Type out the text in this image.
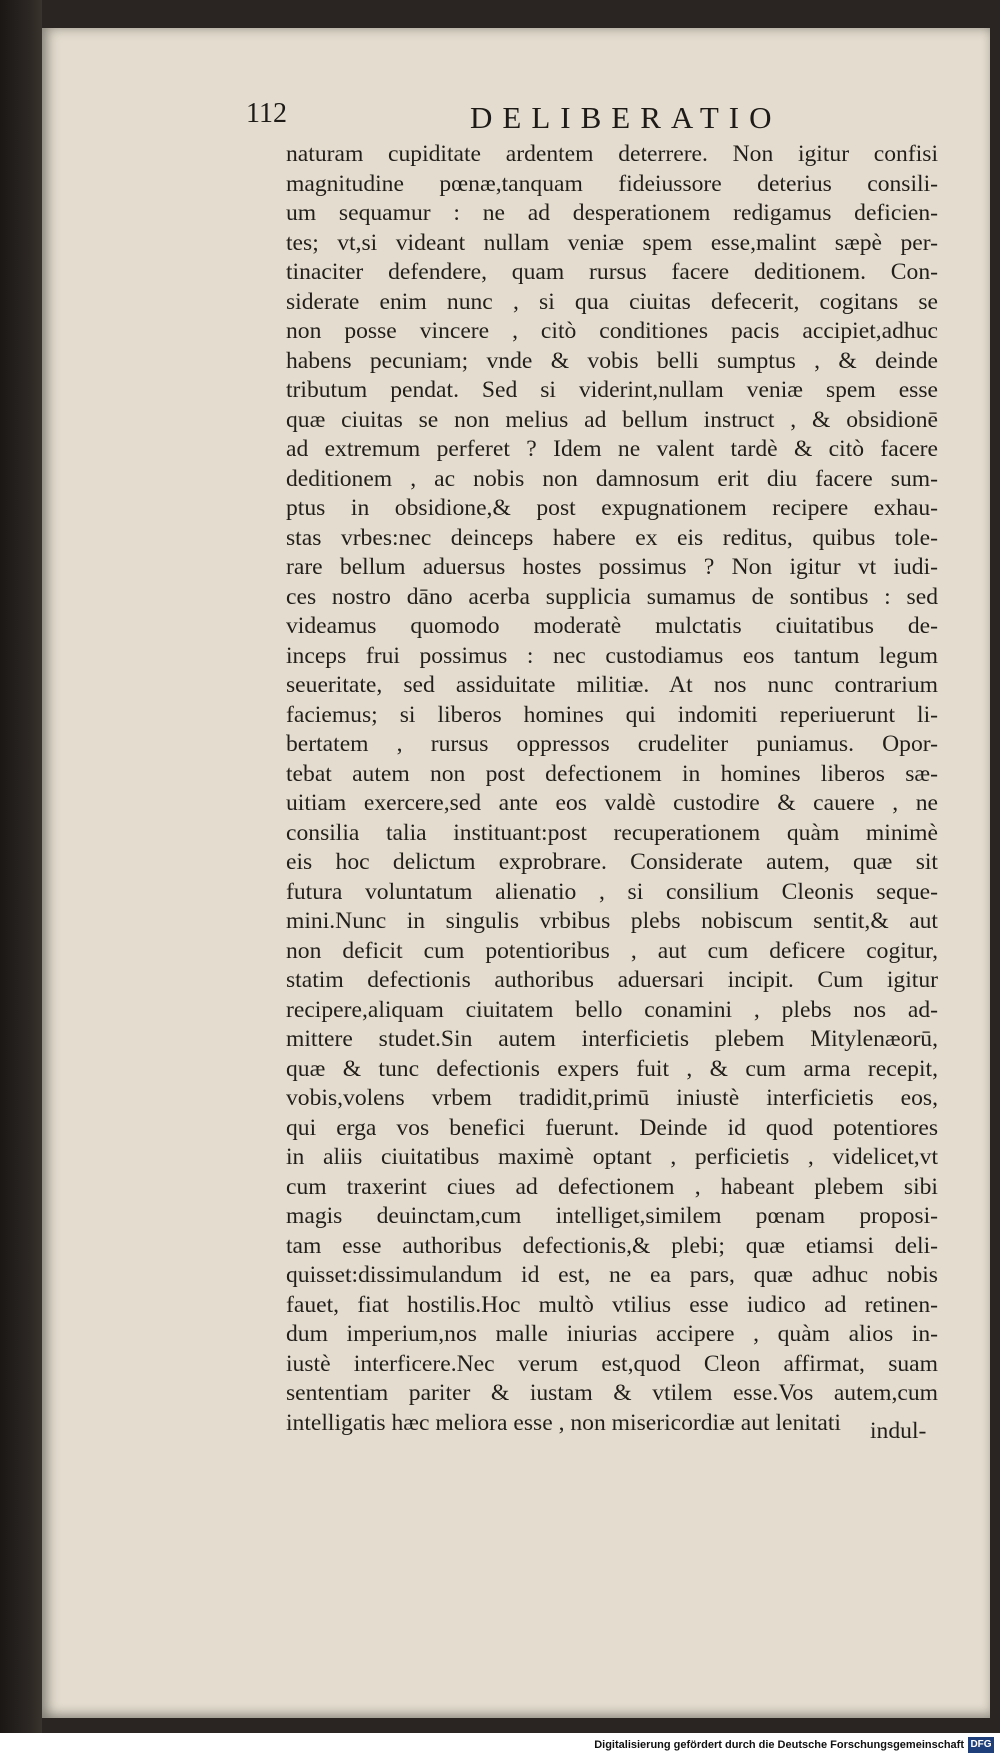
112	DELIBERATIO
naturam cupiditate ardentem deterrere. Non igitur confisi
magnitudine pœnæ,tanquam fideiussore deterius consili-
um sequamur : ne ad desperationem redigamus deficien-
tes; vt,si videant nullam veniæ spem esse,malint sæpè per-
tinaciter defendere, quam rursus facere deditionem. Con-
siderate enim nunc , si qua ciuitas defecerit, cogitans se
non posse vincere , citò conditiones pacis accipiet,adhuc
habens pecuniam; vnde & vobis belli sumptus , & deinde
tributum pendat. Sed si viderint,nullam veniæ spem esse
quæ ciuitas se non melius ad bellum instruct , & obsidionē
ad extremum perferet ? Idem ne valent tardè & citò facere
deditionem , ac nobis non damnosum erit diu facere sum-
ptus in obsidione,& post expugnationem recipere exhau-
stas vrbes:nec deinceps habere ex eis reditus, quibus tole-
rare bellum aduersus hostes possimus ? Non igitur vt iudi-
ces nostro dāno acerba supplicia sumamus de sontibus : sed
videamus quomodo moderatè mulctatis ciuitatibus de-
inceps frui possimus : nec custodiamus eos tantum legum
seueritate, sed assiduitate militiæ. At nos nunc contrarium
faciemus; si liberos homines qui indomiti reperiuerunt li-
bertatem , rursus oppressos crudeliter puniamus. Opor-
tebat autem non post defectionem in homines liberos sæ-
uitiam exercere,sed ante eos valdè custodire & cauere , ne
consilia talia instituant:post recuperationem quàm minimè
eis hoc delictum exprobrare. Considerate autem, quæ sit
futura voluntatum alienatio , si consilium Cleonis seque-
mini.Nunc in singulis vrbibus plebs nobiscum sentit,& aut
non deficit cum potentioribus , aut cum deficere cogitur,
statim defectionis authoribus aduersari incipit. Cum igitur
recipere,aliquam ciuitatem bello conamini , plebs nos ad-
mittere studet.Sin autem interficietis plebem Mitylenæorū,
quæ & tunc defectionis expers fuit , & cum arma recepit,
vobis,volens vrbem tradidit,primū iniustè interficietis eos,
qui erga vos benefici fuerunt. Deinde id quod potentiores
in aliis ciuitatibus maximè optant , perficietis , videlicet,vt
cum traxerint ciues ad defectionem , habeant plebem sibi
magis deuinctam,cum intelliget,similem pœnam proposi-
tam esse authoribus defectionis,& plebi; quæ etiamsi deli-
quisset:dissimulandum id est, ne ea pars, quæ adhuc nobis
fauet, fiat hostilis.Hoc multò vtilius esse iudico ad retinen-
dum imperium,nos malle iniurias accipere , quàm alios in-
iustè interficere.Nec verum est,quod Cleon affirmat, suam
sententiam pariter & iustam & vtilem esse.Vos autem,cum
intelligatis hæc meliora esse , non misericordiæ aut lenitati	indul-
Digitalisierung gefördert durch die Deutsche Forschungsgemeinschaft DFG
